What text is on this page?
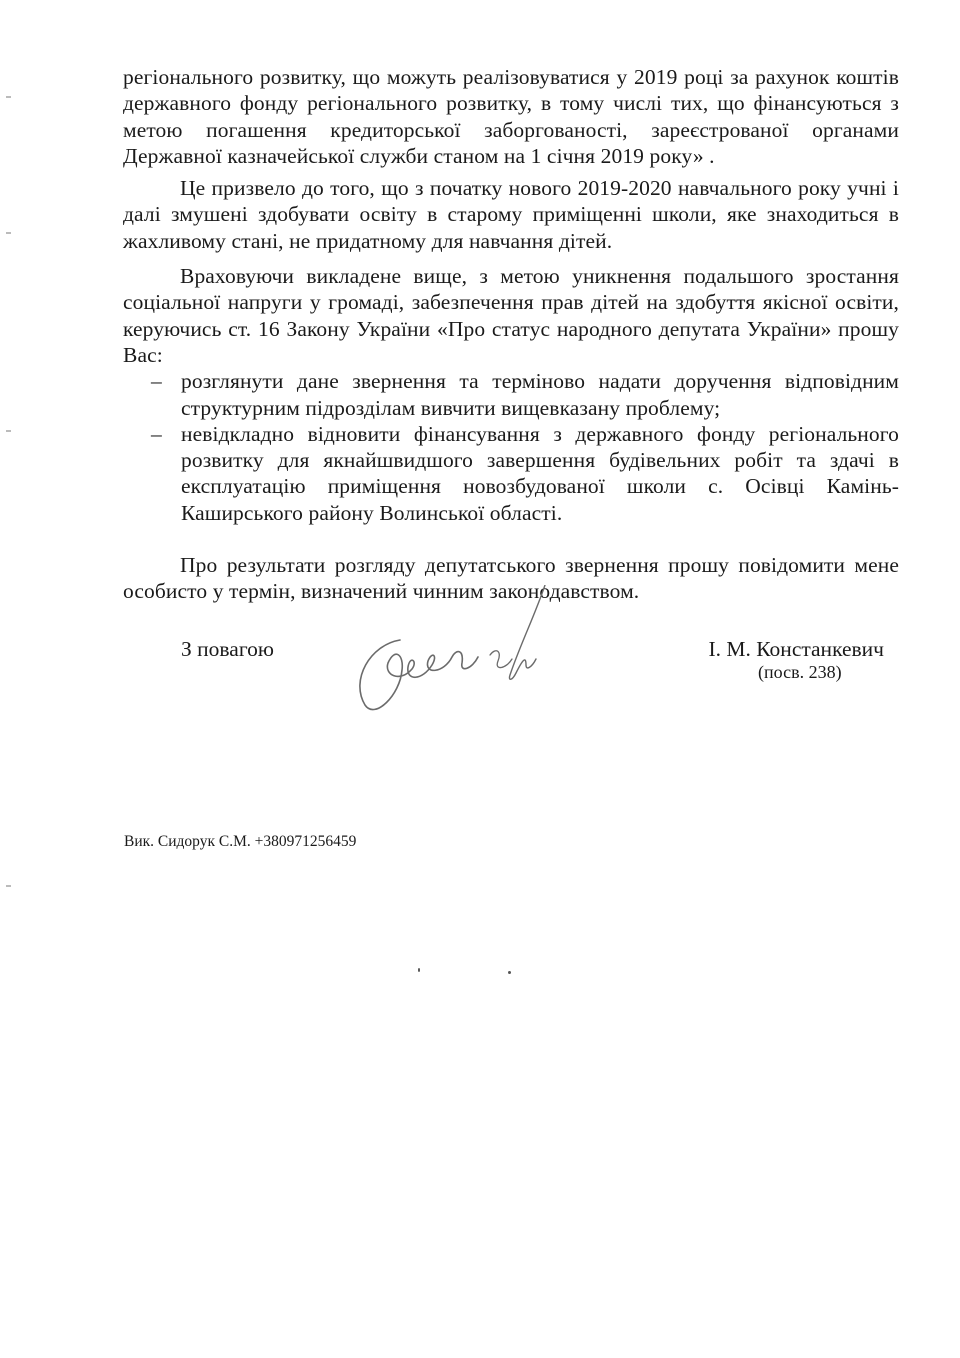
регіонального розвитку, що можуть реалізовуватися у 2019 році за рахунок коштів державного фонду регіонального розвитку, в тому числі тих, що фінансуються з метою погашення кредиторської заборгованості, зареєстрованої органами Державної казначейської служби станом на 1 січня 2019 року» .

Це призвело до того, що з початку нового 2019-2020 навчального року учні і далі змушені здобувати освіту в старому приміщенні школи, яке знаходиться в жахливому стані, не придатному для навчання дітей.

Враховуючи викладене вище, з метою уникнення подальшого зростання соціальної напруги у громаді, забезпечення прав дітей на здобуття якісної освіти, керуючись ст. 16 Закону України «Про статус народного депутата України» прошу Вас:

– розглянути дане звернення та терміново надати доручення відповідним структурним підрозділам вивчити вищевказану проблему;
– невідкладно відновити фінансування з державного фонду регіонального розвитку для якнайшвидшого завершення будівельних робіт та здачі в експлуатацію приміщення новозбудованої школи с. Осівці Камінь-Каширського району Волинської області.

Про результати розгляду депутатського звернення прошу повідомити мене особисто у термін, визначений чинним законодавством.

З повагою	І. М. Констанкевич
(посв. 238)
Вик. Сидорук С.М. +380971256459
